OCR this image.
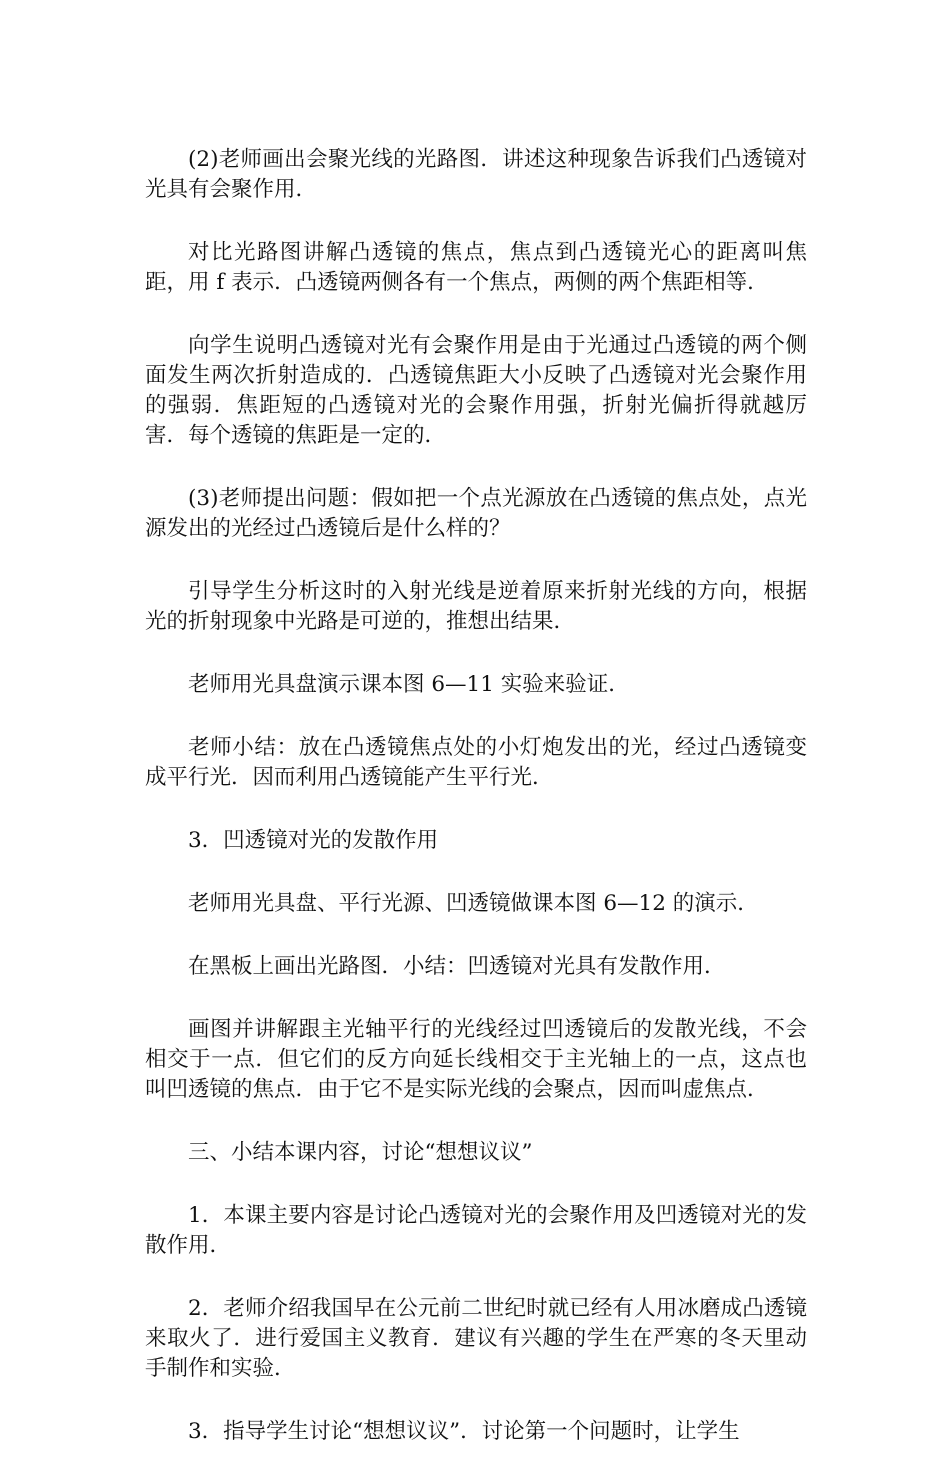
(2)老师画出会聚光线的光路图．讲述这种现象告诉我们凸透镜对光具有会聚作用．

对比光路图讲解凸透镜的焦点，焦点到凸透镜光心的距离叫焦距，用 f 表示．凸透镜两侧各有一个焦点，两侧的两个焦距相等．

向学生说明凸透镜对光有会聚作用是由于光通过凸透镜的两个侧面发生两次折射造成的．凸透镜焦距大小反映了凸透镜对光会聚作用的强弱．焦距短的凸透镜对光的会聚作用强，折射光偏折得就越厉害．每个透镜的焦距是一定的．

(3)老师提出问题：假如把一个点光源放在凸透镜的焦点处，点光源发出的光经过凸透镜后是什么样的？

引导学生分析这时的入射光线是逆着原来折射光线的方向，根据光的折射现象中光路是可逆的，推想出结果．

老师用光具盘演示课本图 6—11 实验来验证．

老师小结：放在凸透镜焦点处的小灯炮发出的光，经过凸透镜变成平行光．因而利用凸透镜能产生平行光．

3．凹透镜对光的发散作用

老师用光具盘、平行光源、凹透镜做课本图 6—12 的演示．

在黑板上画出光路图．小结：凹透镜对光具有发散作用．

画图并讲解跟主光轴平行的光线经过凹透镜后的发散光线，不会相交于一点．但它们的反方向延长线相交于主光轴上的一点，这点也叫凹透镜的焦点．由于它不是实际光线的会聚点，因而叫虚焦点．

三、小结本课内容，讨论“想想议议”

1．本课主要内容是讨论凸透镜对光的会聚作用及凹透镜对光的发散作用．

2．老师介绍我国早在公元前二世纪时就已经有人用冰磨成凸透镜来取火了．进行爱国主义教育．建议有兴趣的学生在严寒的冬天里动手制作和实验．

3．指导学生讨论“想想议议”．讨论第一个问题时，让学生
